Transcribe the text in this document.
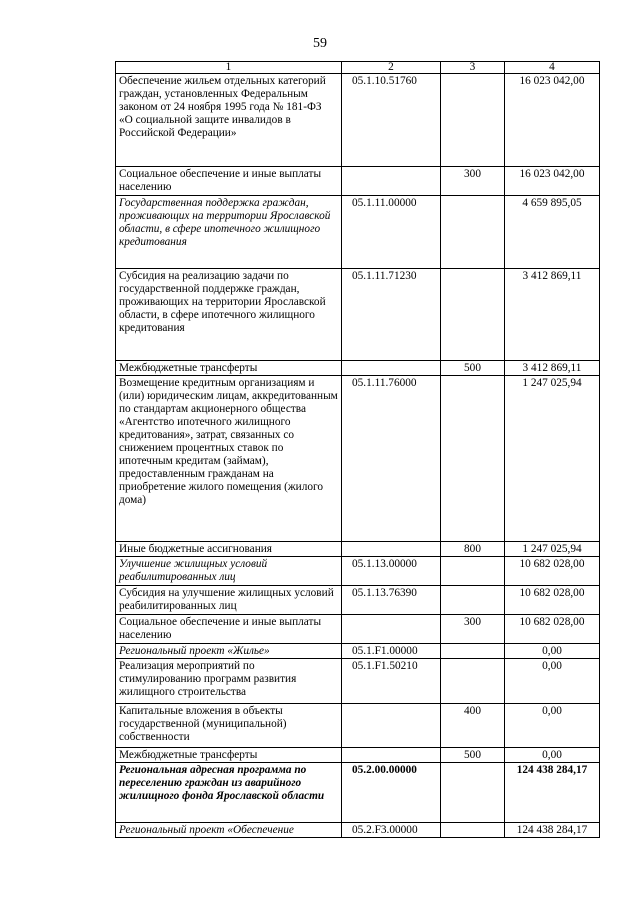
59
1	2	3	4
Обеспечение жильем отдельных категорий граждан, установленных Федеральным законом от 24 ноября 1995 года № 181-ФЗ «О социальной защите инвалидов в Российской Федерации»	05.1.10.51760		16 023 042,00
Социальное обеспечение и иные выплаты населению		300	16 023 042,00
Государственная поддержка граждан, проживающих на территории Ярославской области, в сфере ипотечного жилищного кредитования	05.1.11.00000		4 659 895,05
Субсидия на реализацию задачи по государственной поддержке граждан, проживающих на территории Ярославской области, в сфере ипотечного жилищного кредитования	05.1.11.71230		3 412 869,11
Межбюджетные трансферты		500	3 412 869,11
Возмещение кредитным организациям и (или) юридическим лицам, аккредитованным по стандартам акционерного общества «Агентство ипотечного жилищного кредитования», затрат, связанных со снижением процентных ставок по ипотечным кредитам (займам), предоставленным гражданам на приобретение жилого помещения (жилого дома)	05.1.11.76000		1 247 025,94
Иные бюджетные ассигнования		800	1 247 025,94
Улучшение жилищных условий реабилитированных лиц	05.1.13.00000		10 682 028,00
Субсидия на улучшение жилищных условий реабилитированных лиц	05.1.13.76390		10 682 028,00
Социальное обеспечение и иные выплаты населению		300	10 682 028,00
Региональный проект «Жилье»	05.1.F1.00000		0,00
Реализация мероприятий по стимулированию программ развития жилищного строительства	05.1.F1.50210		0,00
Капитальные вложения в объекты государственной (муниципальной) собственности		400	0,00
Межбюджетные трансферты		500	0,00
Региональная адресная программа по переселению граждан из аварийного жилищного фонда Ярославской области	05.2.00.00000		124 438 284,17
Региональный проект «Обеспечение	05.2.F3.00000		124 438 284,17
